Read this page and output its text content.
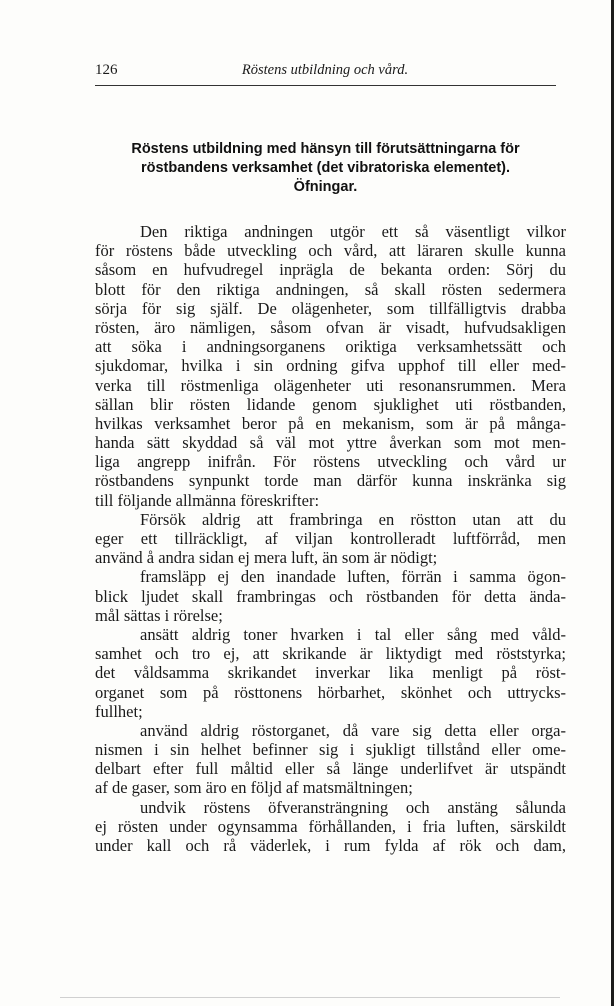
126	Röstens utbildning och vård.
Röstens utbildning med hänsyn till förutsättningarna för
röstbandens verksamhet (det vibratoriska elementet).
Öfningar.
Den riktiga andningen utgör ett så väsentligt vilkor
för röstens både utveckling och vård, att läraren skulle kunna
såsom en hufvudregel inprägla de bekanta orden: Sörj du
blott för den riktiga andningen, så skall rösten sedermera
sörja för sig själf. De olägenheter, som tillfälligtvis drabba
rösten, äro nämligen, såsom ofvan är visadt, hufvudsakligen
att söka i andningsorganens oriktiga verksamhetssätt och
sjukdomar, hvilka i sin ordning gifva upphof till eller med-
verka till röstmenliga olägenheter uti resonansrummen. Mera
sällan blir rösten lidande genom sjuklighet uti röstbanden,
hvilkas verksamhet beror på en mekanism, som är på många-
handa sätt skyddad så väl mot yttre åverkan som mot men-
liga angrepp inifrån. För röstens utveckling och vård ur
röstbandens synpunkt torde man därför kunna inskränka sig
till följande allmänna föreskrifter:
Försök aldrig att frambringa en röstton utan att du
eger ett tillräckligt, af viljan kontrolleradt luftförråd, men
använd å andra sidan ej mera luft, än som är nödigt;
framsläpp ej den inandade luften, förrän i samma ögon-
blick ljudet skall frambringas och röstbanden för detta ända-
mål sättas i rörelse;
ansätt aldrig toner hvarken i tal eller sång med våld-
samhet och tro ej, att skrikande är liktydigt med röststyrka;
det våldsamma skrikandet inverkar lika menligt på röst-
organet som på rösttonens hörbarhet, skönhet och uttrycks-
fullhet;
använd aldrig röstorganet, då vare sig detta eller orga-
nismen i sin helhet befinner sig i sjukligt tillstånd eller ome-
delbart efter full måltid eller så länge underlifvet är utspändt
af de gaser, som äro en följd af matsmältningen;
undvik röstens öfveransträngning och anstäng sålunda
ej rösten under ogynsamma förhållanden, i fria luften, särskildt
under kall och rå väderlek, i rum fylda af rök och dam,
